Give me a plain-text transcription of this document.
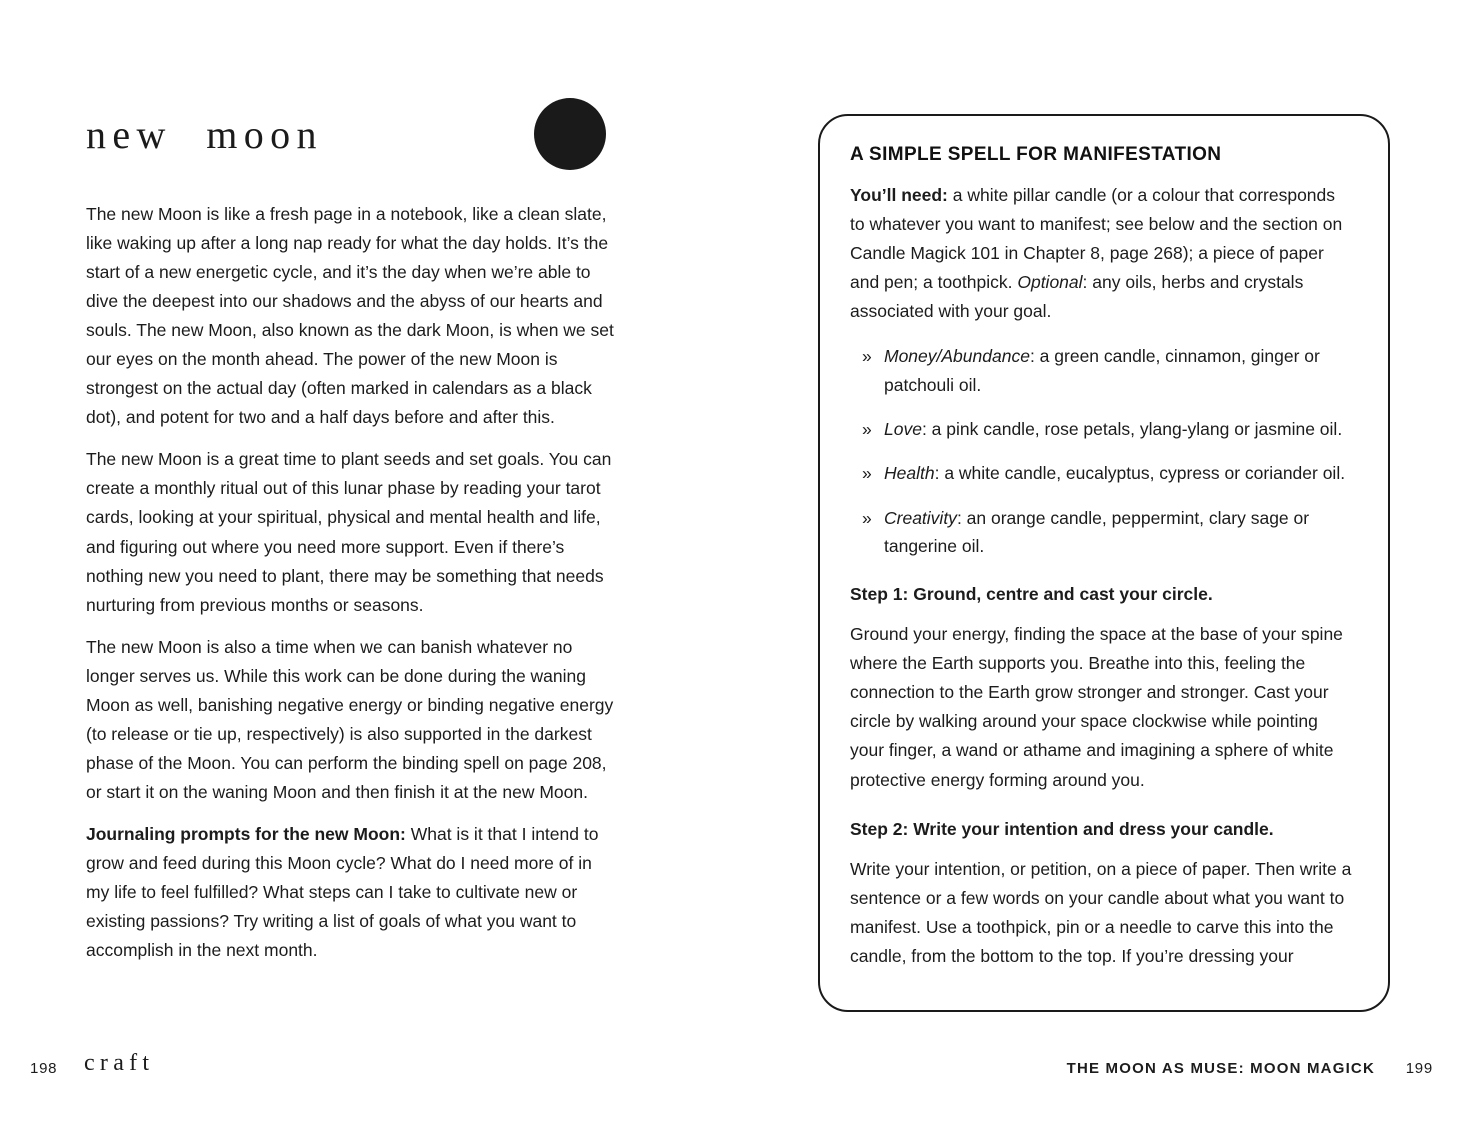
new moon

The new Moon is like a fresh page in a notebook, like a clean slate, like waking up after a long nap ready for what the day holds. It’s the start of a new energetic cycle, and it’s the day when we’re able to dive the deepest into our shadows and the abyss of our hearts and souls. The new Moon, also known as the dark Moon, is when we set our eyes on the month ahead. The power of the new Moon is strongest on the actual day (often marked in calendars as a black dot), and potent for two and a half days before and after this.

The new Moon is a great time to plant seeds and set goals. You can create a monthly ritual out of this lunar phase by reading your tarot cards, looking at your spiritual, physical and mental health and life, and figuring out where you need more support. Even if there’s nothing new you need to plant, there may be something that needs nurturing from previous months or seasons.

The new Moon is also a time when we can banish whatever no longer serves us. While this work can be done during the waning Moon as well, banishing negative energy or binding negative energy (to release or tie up, respectively) is also supported in the darkest phase of the Moon. You can perform the binding spell on page 208, or start it on the waning Moon and then finish it at the new Moon.

Journaling prompts for the new Moon: What is it that I intend to grow and feed during this Moon cycle? What do I need more of in my life to feel fulfilled? What steps can I take to cultivate new or existing passions? Try writing a list of goals of what you want to accomplish in the next month.

A SIMPLE SPELL FOR MANIFESTATION

You’ll need: a white pillar candle (or a colour that corresponds to whatever you want to manifest; see below and the section on Candle Magick 101 in Chapter 8, page 268); a piece of paper and pen; a toothpick. Optional: any oils, herbs and crystals associated with your goal.

» Money/Abundance: a green candle, cinnamon, ginger or patchouli oil.
» Love: a pink candle, rose petals, ylang-ylang or jasmine oil.
» Health: a white candle, eucalyptus, cypress or coriander oil.
» Creativity: an orange candle, peppermint, clary sage or tangerine oil.

Step 1: Ground, centre and cast your circle.

Ground your energy, finding the space at the base of your spine where the Earth supports you. Breathe into this, feeling the connection to the Earth grow stronger and stronger. Cast your circle by walking around your space clockwise while pointing your finger, a wand or athame and imagining a sphere of white protective energy forming around you.

Step 2: Write your intention and dress your candle.

Write your intention, or petition, on a piece of paper. Then write a sentence or a few words on your candle about what you want to manifest. Use a toothpick, pin or a needle to carve this into the candle, from the bottom to the top. If you’re dressing your

198 craft	THE MOON AS MUSE: MOON MAGICK 199
